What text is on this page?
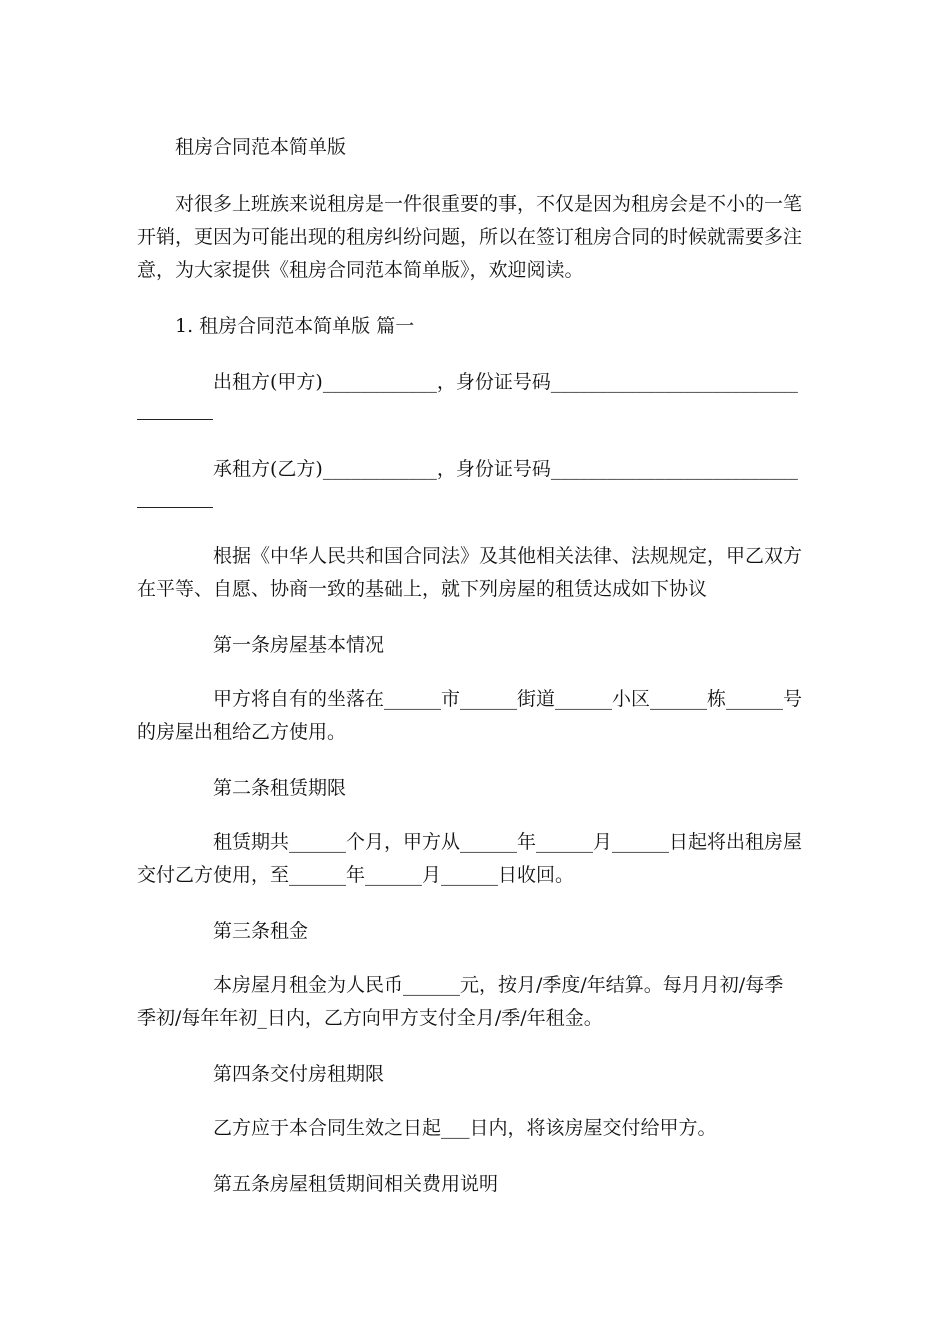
租房合同范本简单版
对很多上班族来说租房是一件很重要的事，不仅是因为租房会是不小的一笔
开销，更因为可能出现的租房纠纷问题，所以在签订租房合同的时候就需要多注
意，为大家提供《租房合同范本简单版》，欢迎阅读。
1. 租房合同范本简单版 篇一
出租方(甲方)____________，身份证号码__________________________
承租方(乙方)____________，身份证号码__________________________
根据《中华人民共和国合同法》及其他相关法律、法规规定，甲乙双方
在平等、自愿、协商一致的基础上，就下列房屋的租赁达成如下协议
第一条房屋基本情况
甲方将自有的坐落在______市______街道______小区______栋______号
的房屋出租给乙方使用。
第二条租赁期限
租赁期共______个月，甲方从______年______月______日起将出租房屋
交付乙方使用，至______年______月______日收回。
第三条租金
本房屋月租金为人民币______元，按月/季度/年结算。每月月初/每季
季初/每年年初_日内，乙方向甲方支付全月/季/年租金。
第四条交付房租期限
乙方应于本合同生效之日起___日内，将该房屋交付给甲方。
第五条房屋租赁期间相关费用说明
